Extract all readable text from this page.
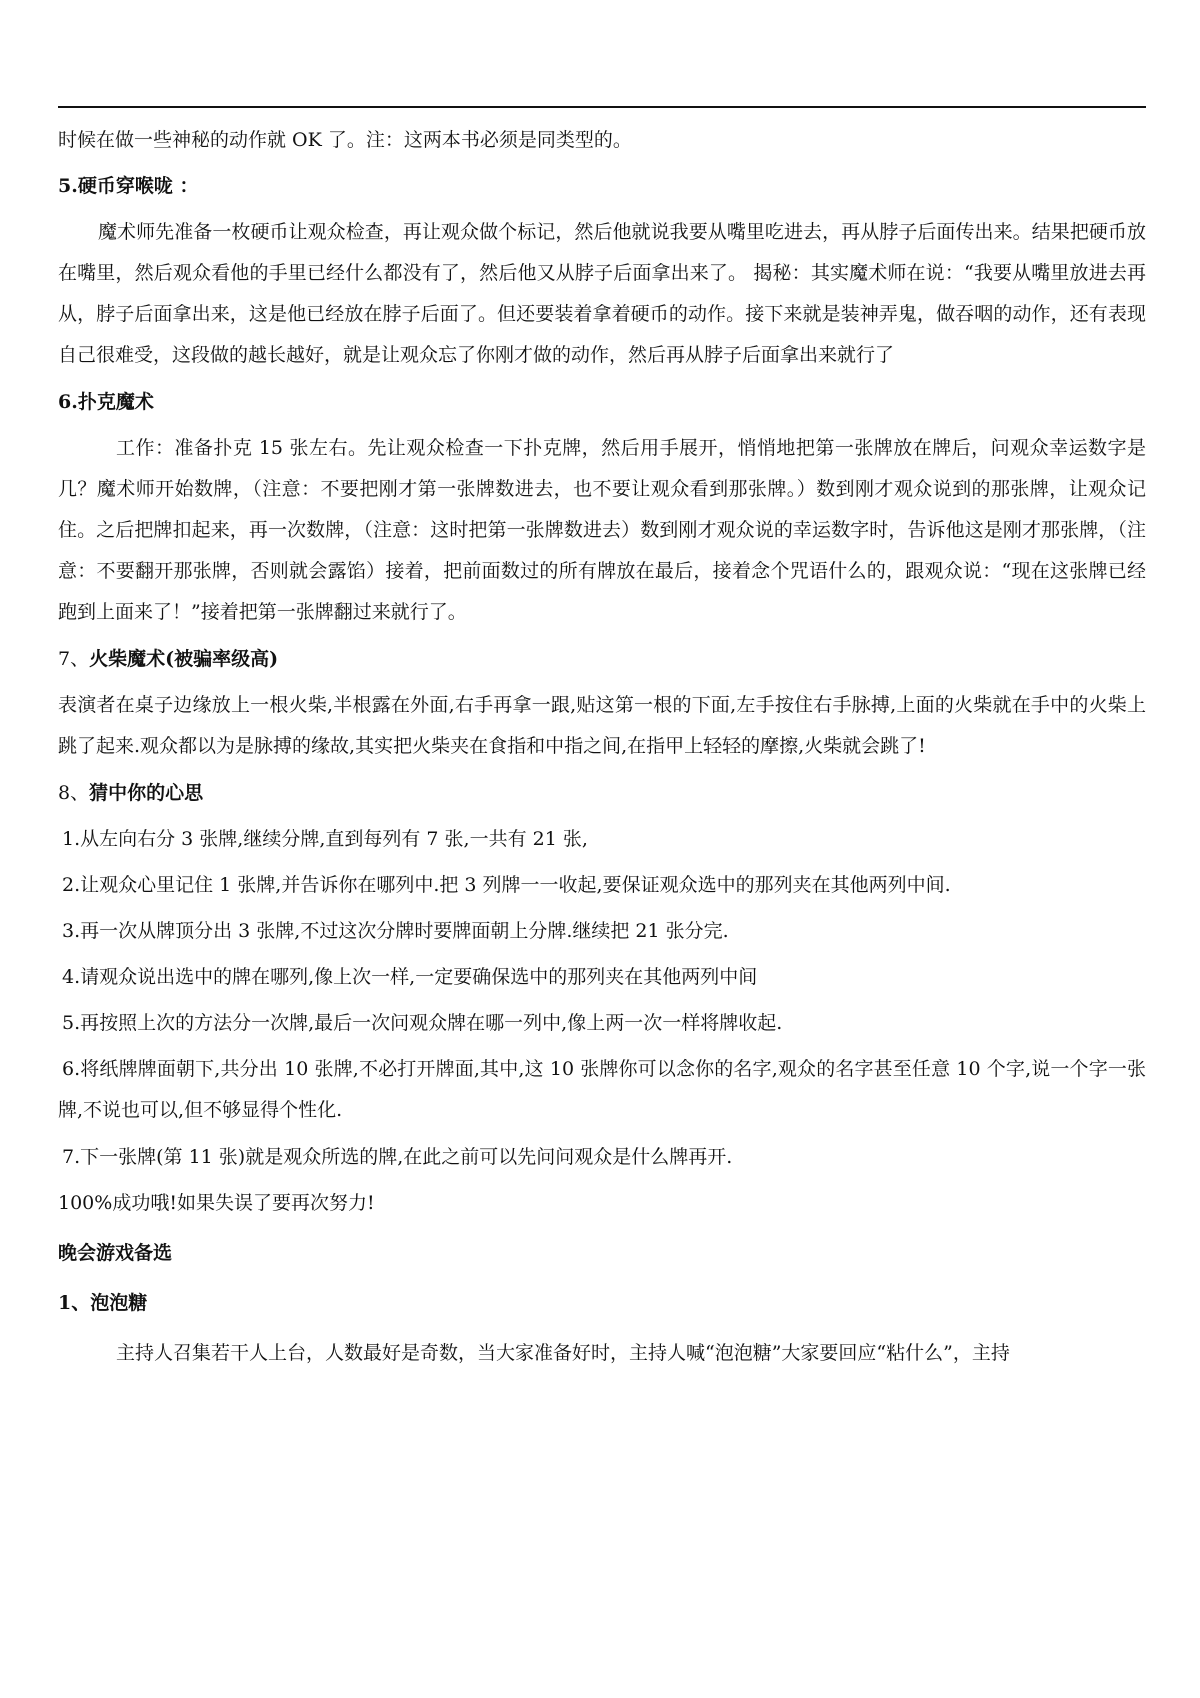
时候在做一些神秘的动作就 OK 了。注：这两本书必须是同类型的。

5.硬币穿喉咙 ：

魔术师先准备一枚硬币让观众检查，再让观众做个标记，然后他就说我要从嘴里吃进去，再从脖子后面传出来。结果把硬币放在嘴里，然后观众看他的手里已经什么都没有了，然后他又从脖子后面拿出来了。 揭秘：其实魔术师在说：“我要从嘴里放进去再从，脖子后面拿出来，这是他已经放在脖子后面了。但还要装着拿着硬币的动作。接下来就是装神弄鬼，做吞咽的动作，还有表现自己很难受，这段做的越长越好，就是让观众忘了你刚才做的动作，然后再从脖子后面拿出来就行了

6.扑克魔术

工作：准备扑克 15 张左右。先让观众检查一下扑克牌，然后用手展开，悄悄地把第一张牌放在牌后，问观众幸运数字是几？魔术师开始数牌，（注意：不要把刚才第一张牌数进去，也不要让观众看到那张牌。）数到刚才观众说到的那张牌，让观众记住。之后把牌扣起来，再一次数牌，（注意：这时把第一张牌数进去）数到刚才观众说的幸运数字时，告诉他这是刚才那张牌，（注意：不要翻开那张牌，否则就会露馅）接着，把前面数过的所有牌放在最后，接着念个咒语什么的，跟观众说：“现在这张牌已经跑到上面来了！”接着把第一张牌翻过来就行了。

7、火柴魔术(被骗率级高)

表演者在桌子边缘放上一根火柴,半根露在外面,右手再拿一跟,贴这第一根的下面,左手按住右手脉搏,上面的火柴就在手中的火柴上跳了起来.观众都以为是脉搏的缘故,其实把火柴夹在食指和中指之间,在指甲上轻轻的摩擦,火柴就会跳了!

8、猜中你的心思

1.从左向右分 3 张牌,继续分牌,直到每列有 7 张,一共有 21 张,

2.让观众心里记住 1 张牌,并告诉你在哪列中.把 3 列牌一一收起,要保证观众选中的那列夹在其他两列中间.

3.再一次从牌顶分出 3 张牌,不过这次分牌时要牌面朝上分牌.继续把 21 张分完.

4.请观众说出选中的牌在哪列,像上次一样,一定要确保选中的那列夹在其他两列中间

5.再按照上次的方法分一次牌,最后一次问观众牌在哪一列中,像上两一次一样将牌收起.

6.将纸牌牌面朝下,共分出 10 张牌,不必打开牌面,其中,这 10 张牌你可以念你的名字,观众的名字甚至任意 10 个字,说一个字一张牌,不说也可以,但不够显得个性化.

7.下一张牌(第 11 张)就是观众所选的牌,在此之前可以先问问观众是什么牌再开.

100%成功哦!如果失误了要再次努力!

晚会游戏备选

1、泡泡糖

主持人召集若干人上台，人数最好是奇数，当大家准备好时，主持人喊“泡泡糖”大家要回应“粘什么”，主持
